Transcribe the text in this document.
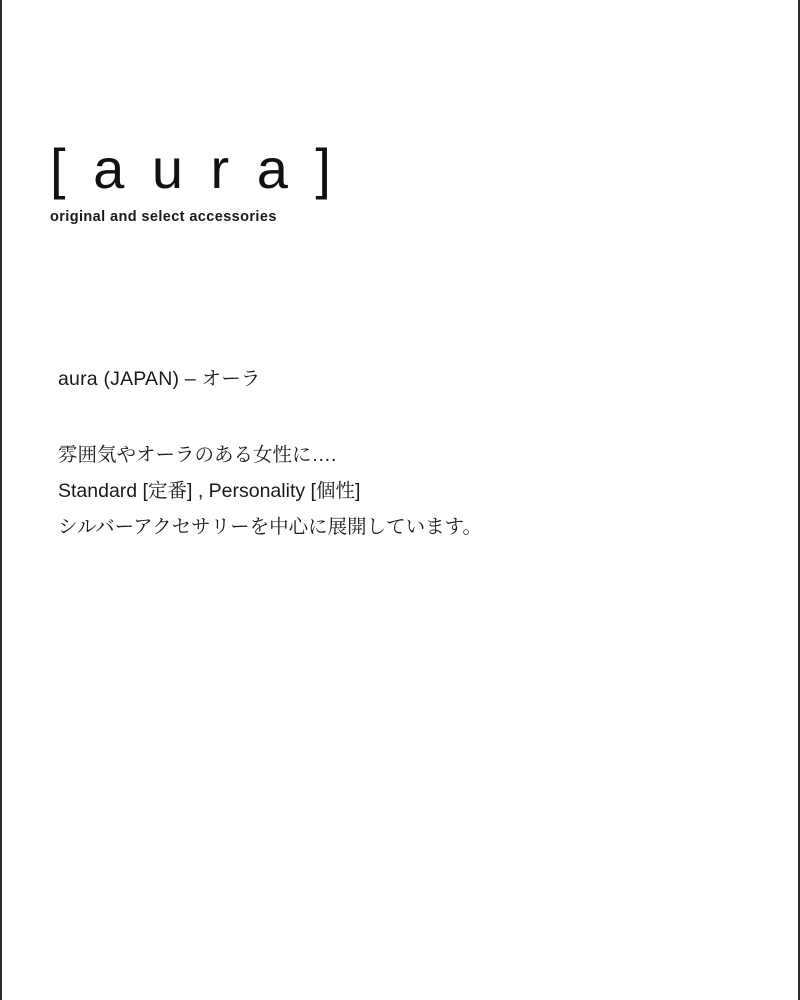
[ a u r a ]
original and select accessories
aura (JAPAN) – オーラ
雰囲気やオーラのある女性に….
Standard [定番] , Personality [個性]
シルバーアクセサリーを中心に展開しています。
